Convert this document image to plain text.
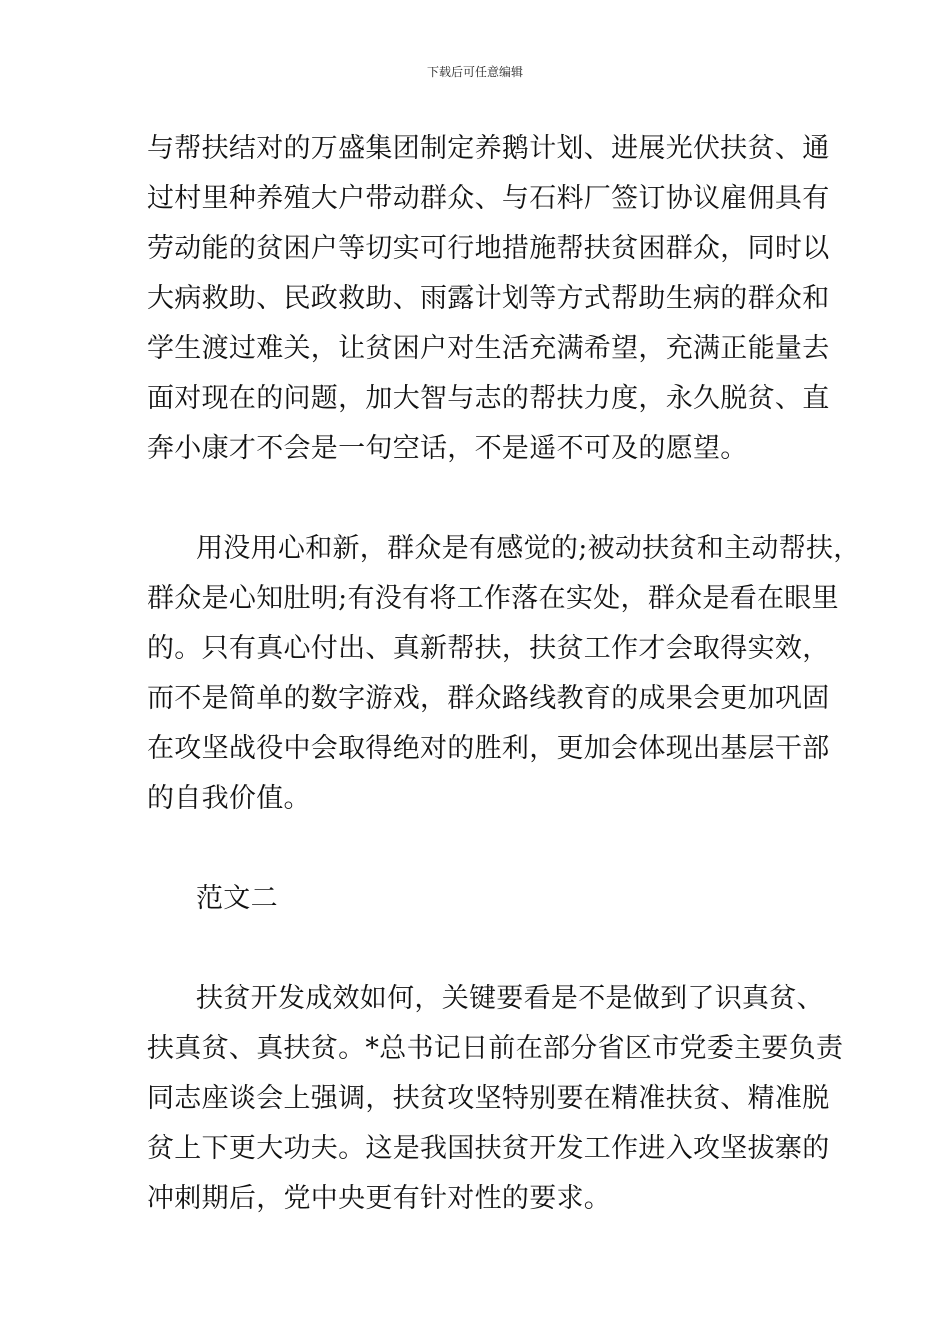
下载后可任意编辑
与帮扶结对的万盛集团制定养鹅计划、进展光伏扶贫、通
过村里种养殖大户带动群众、与石料厂签订协议雇佣具有
劳动能的贫困户等切实可行地措施帮扶贫困群众，同时以
大病救助、民政救助、雨露计划等方式帮助生病的群众和
学生渡过难关，让贫困户对生活充满希望，充满正能量去
面对现在的问题，加大智与志的帮扶力度，永久脱贫、直
奔小康才不会是一句空话，不是遥不可及的愿望。
用没用心和新，群众是有感觉的;被动扶贫和主动帮扶，
群众是心知肚明;有没有将工作落在实处，群众是看在眼里
的。只有真心付出、真新帮扶，扶贫工作才会取得实效，
而不是简单的数字游戏，群众路线教育的成果会更加巩固
在攻坚战役中会取得绝对的胜利，更加会体现出基层干部
的自我价值。
范文二
扶贫开发成效如何，关键要看是不是做到了识真贫、
扶真贫、真扶贫。*总书记日前在部分省区市党委主要负责
同志座谈会上强调，扶贫攻坚特别要在精准扶贫、精准脱
贫上下更大功夫。这是我国扶贫开发工作进入攻坚拔寨的
冲刺期后，党中央更有针对性的要求。
